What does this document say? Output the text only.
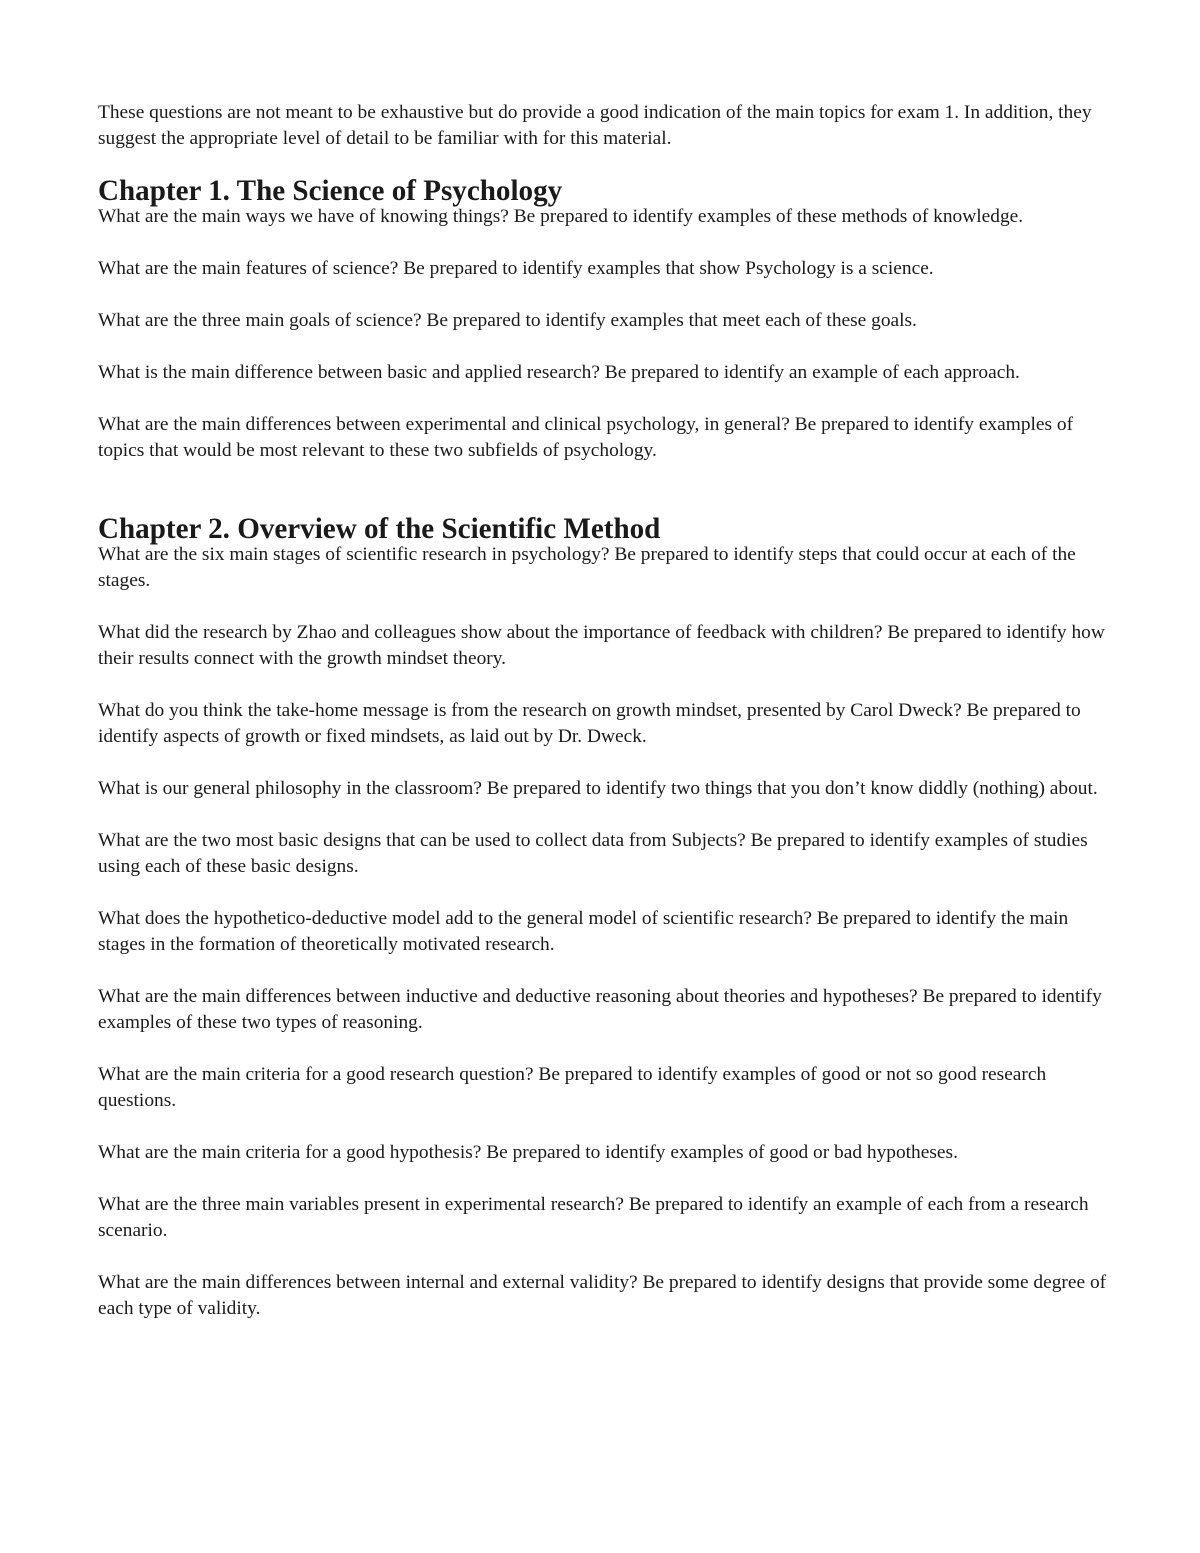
These questions are not meant to be exhaustive but do provide a good indication of the main topics for exam 1. In addition, they suggest the appropriate level of detail to be familiar with for this material.

Chapter 1. The Science of Psychology

What are the main ways we have of knowing things? Be prepared to identify examples of these methods of knowledge.

What are the main features of science? Be prepared to identify examples that show Psychology is a science.

What are the three main goals of science? Be prepared to identify examples that meet each of these goals.

What is the main difference between basic and applied research? Be prepared to identify an example of each approach.

What are the main differences between experimental and clinical psychology, in general? Be prepared to identify examples of topics that would be most relevant to these two subfields of psychology.

Chapter 2. Overview of the Scientific Method

What are the six main stages of scientific research in psychology? Be prepared to identify steps that could occur at each of the stages.

What did the research by Zhao and colleagues show about the importance of feedback with children? Be prepared to identify how their results connect with the growth mindset theory.

What do you think the take-home message is from the research on growth mindset, presented by Carol Dweck? Be prepared to identify aspects of growth or fixed mindsets, as laid out by Dr. Dweck.

What is our general philosophy in the classroom? Be prepared to identify two things that you don’t know diddly (nothing) about.

What are the two most basic designs that can be used to collect data from Subjects? Be prepared to identify examples of studies using each of these basic designs.

What does the hypothetico-deductive model add to the general model of scientific research? Be prepared to identify the main stages in the formation of theoretically motivated research.

What are the main differences between inductive and deductive reasoning about theories and hypotheses? Be prepared to identify examples of these two types of reasoning.

What are the main criteria for a good research question? Be prepared to identify examples of good or not so good research questions.

What are the main criteria for a good hypothesis? Be prepared to identify examples of good or bad hypotheses.

What are the three main variables present in experimental research? Be prepared to identify an example of each from a research scenario.

What are the main differences between internal and external validity? Be prepared to identify designs that provide some degree of each type of validity.
